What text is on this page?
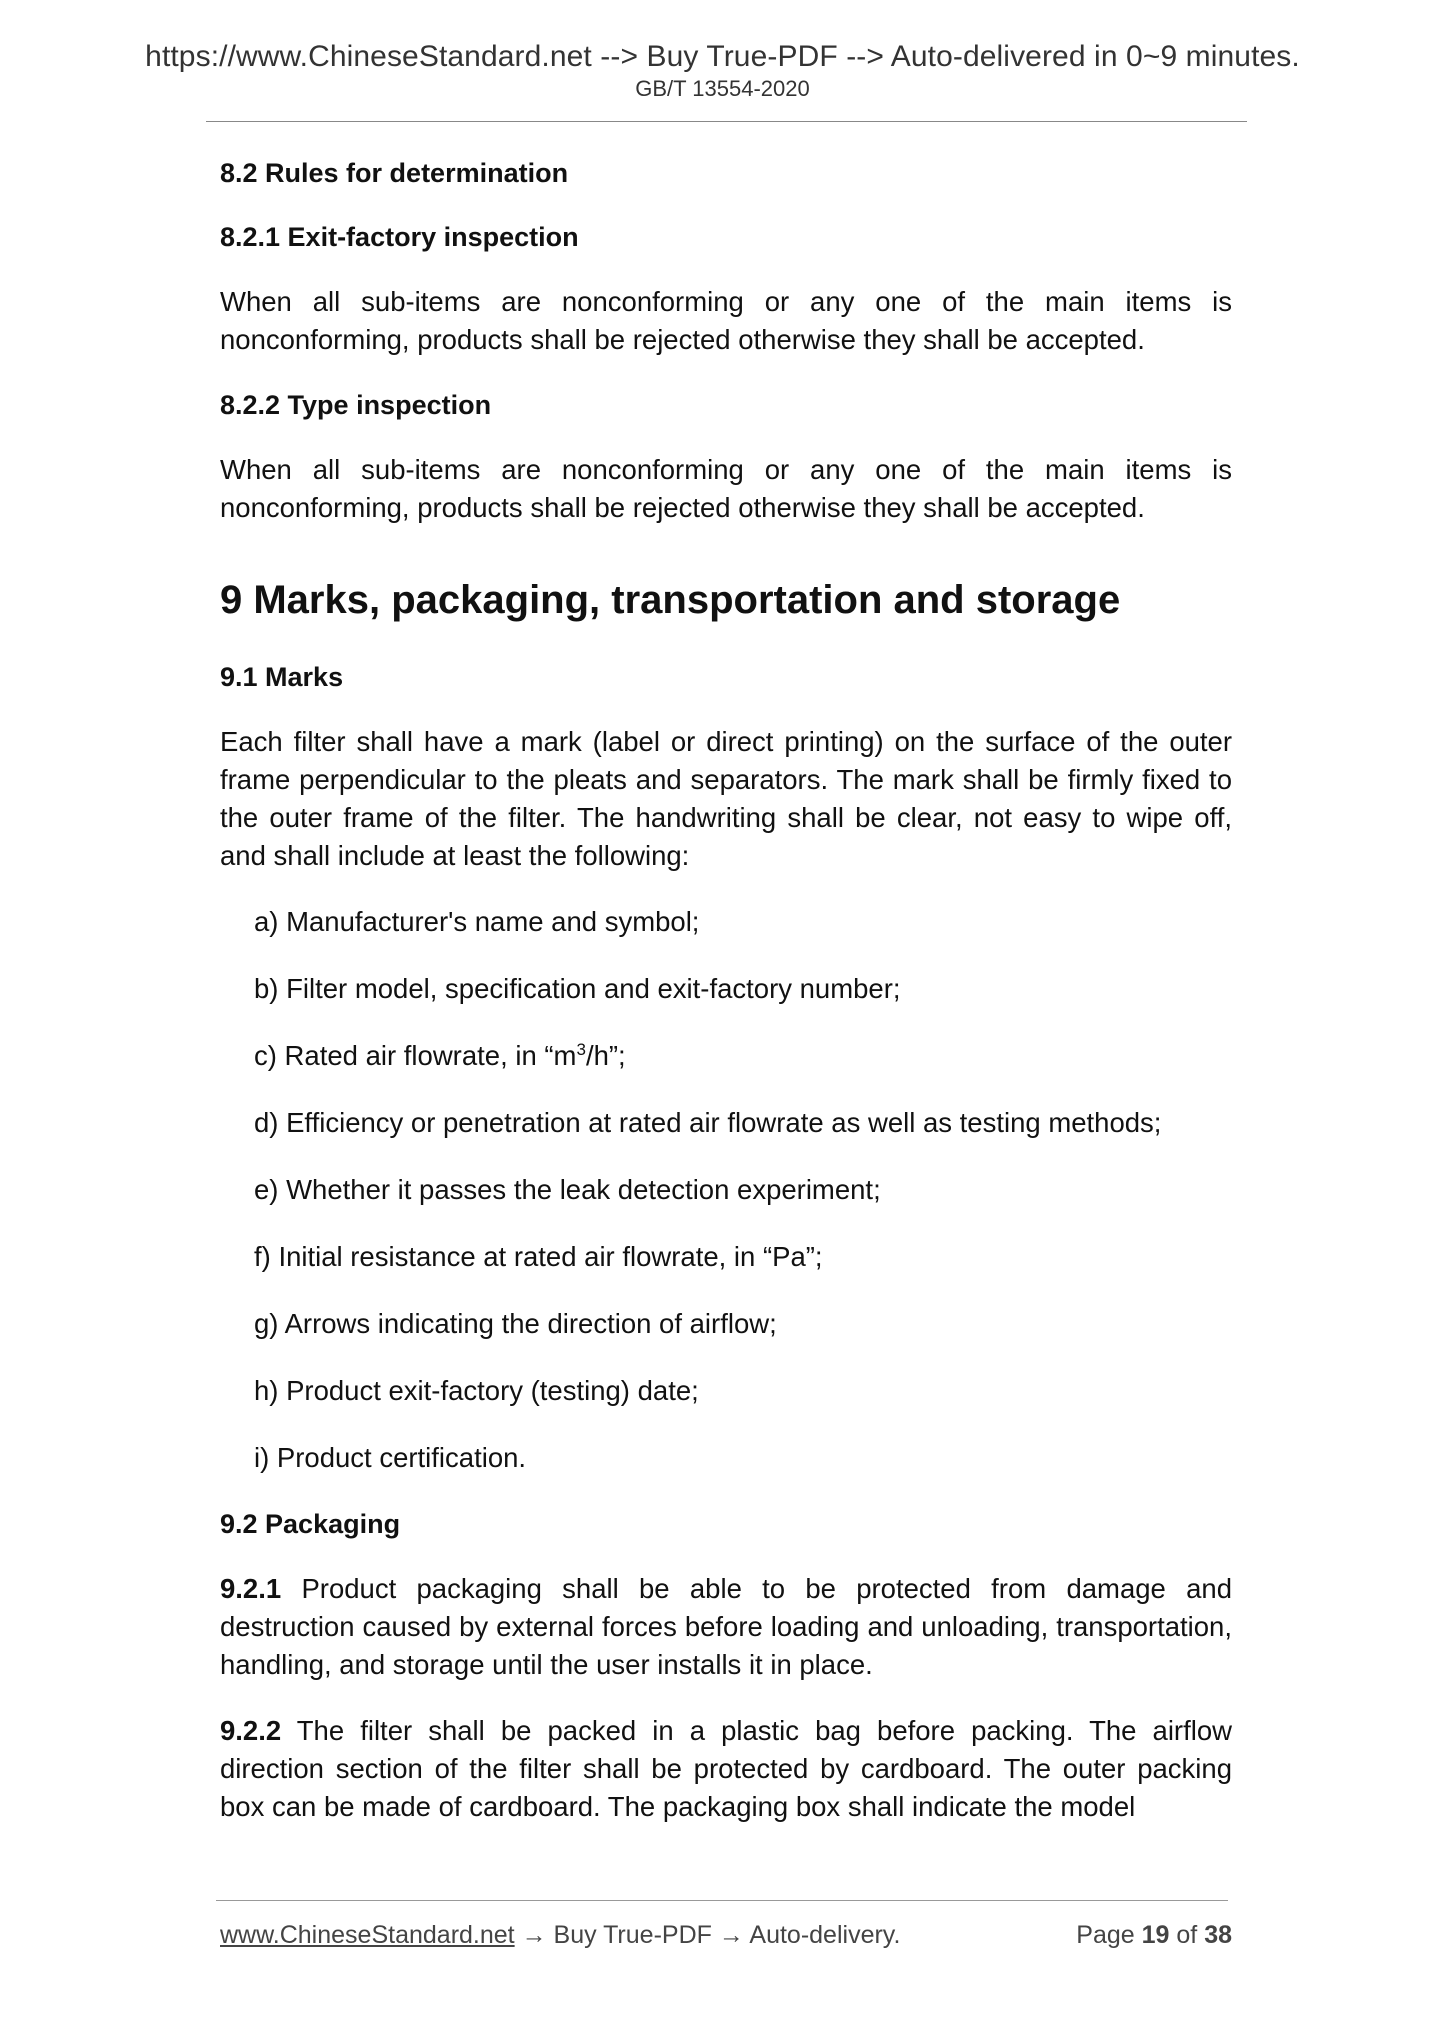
https://www.ChineseStandard.net --> Buy True-PDF --> Auto-delivered in 0~9 minutes.
GB/T 13554-2020
8.2 Rules for determination
8.2.1 Exit-factory inspection
When all sub-items are nonconforming or any one of the main items is nonconforming, products shall be rejected otherwise they shall be accepted.
8.2.2 Type inspection
When all sub-items are nonconforming or any one of the main items is nonconforming, products shall be rejected otherwise they shall be accepted.
9 Marks, packaging, transportation and storage
9.1 Marks
Each filter shall have a mark (label or direct printing) on the surface of the outer frame perpendicular to the pleats and separators. The mark shall be firmly fixed to the outer frame of the filter. The handwriting shall be clear, not easy to wipe off, and shall include at least the following:
a) Manufacturer's name and symbol;
b) Filter model, specification and exit-factory number;
c) Rated air flowrate, in “$m^3/h$”;
d) Efficiency or penetration at rated air flowrate as well as testing methods;
e) Whether it passes the leak detection experiment;
f) Initial resistance at rated air flowrate, in “Pa”;
g) Arrows indicating the direction of airflow;
h) Product exit-factory (testing) date;
i) Product certification.
9.2 Packaging
9.2.1 Product packaging shall be able to be protected from damage and destruction caused by external forces before loading and unloading, transportation, handling, and storage until the user installs it in place.
9.2.2 The filter shall be packed in a plastic bag before packing. The airflow direction section of the filter shall be protected by cardboard. The outer packing box can be made of cardboard. The packaging box shall indicate the model
www.ChineseStandard.net → Buy True-PDF → Auto-delivery.	Page 19 of 38
